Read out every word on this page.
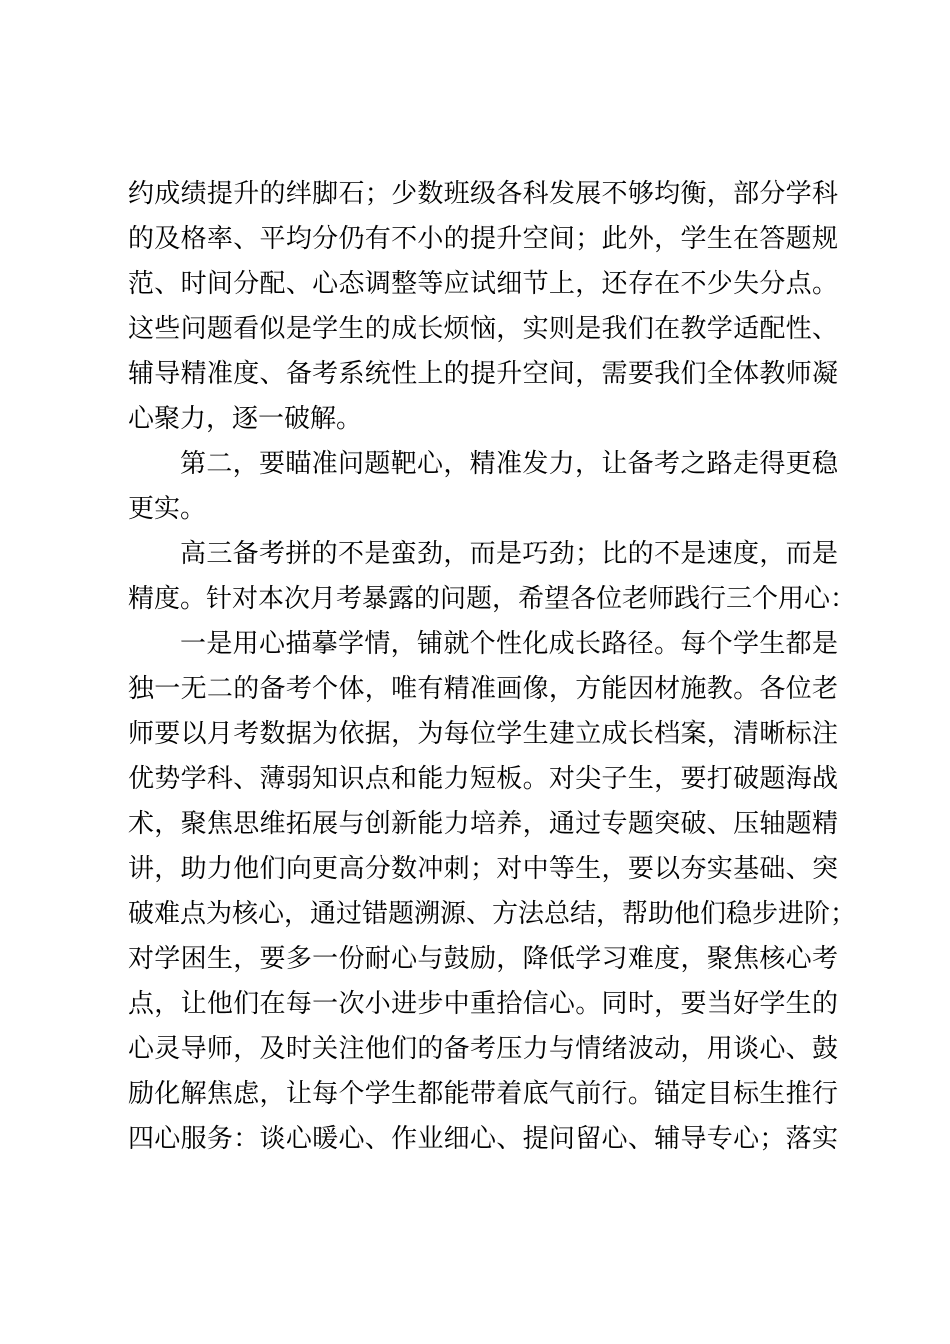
约成绩提升的绊脚石；少数班级各科发展不够均衡，部分学科
的及格率、平均分仍有不小的提升空间；此外，学生在答题规
范、时间分配、心态调整等应试细节上，还存在不少失分点。
这些问题看似是学生的成长烦恼，实则是我们在教学适配性、
辅导精准度、备考系统性上的提升空间，需要我们全体教师凝
心聚力，逐一破解。
第二，要瞄准问题靶心，精准发力，让备考之路走得更稳
更实。
高三备考拼的不是蛮劲，而是巧劲；比的不是速度，而是
精度。针对本次月考暴露的问题，希望各位老师践行三个用心：
一是用心描摹学情，铺就个性化成长路径。每个学生都是
独一无二的备考个体，唯有精准画像，方能因材施教。各位老
师要以月考数据为依据，为每位学生建立成长档案，清晰标注
优势学科、薄弱知识点和能力短板。对尖子生，要打破题海战
术，聚焦思维拓展与创新能力培养，通过专题突破、压轴题精
讲，助力他们向更高分数冲刺；对中等生，要以夯实基础、突
破难点为核心，通过错题溯源、方法总结，帮助他们稳步进阶；
对学困生，要多一份耐心与鼓励，降低学习难度，聚焦核心考
点，让他们在每一次小进步中重拾信心。同时，要当好学生的
心灵导师，及时关注他们的备考压力与情绪波动，用谈心、鼓
励化解焦虑，让每个学生都能带着底气前行。锚定目标生推行
四心服务：谈心暖心、作业细心、提问留心、辅导专心；落实
